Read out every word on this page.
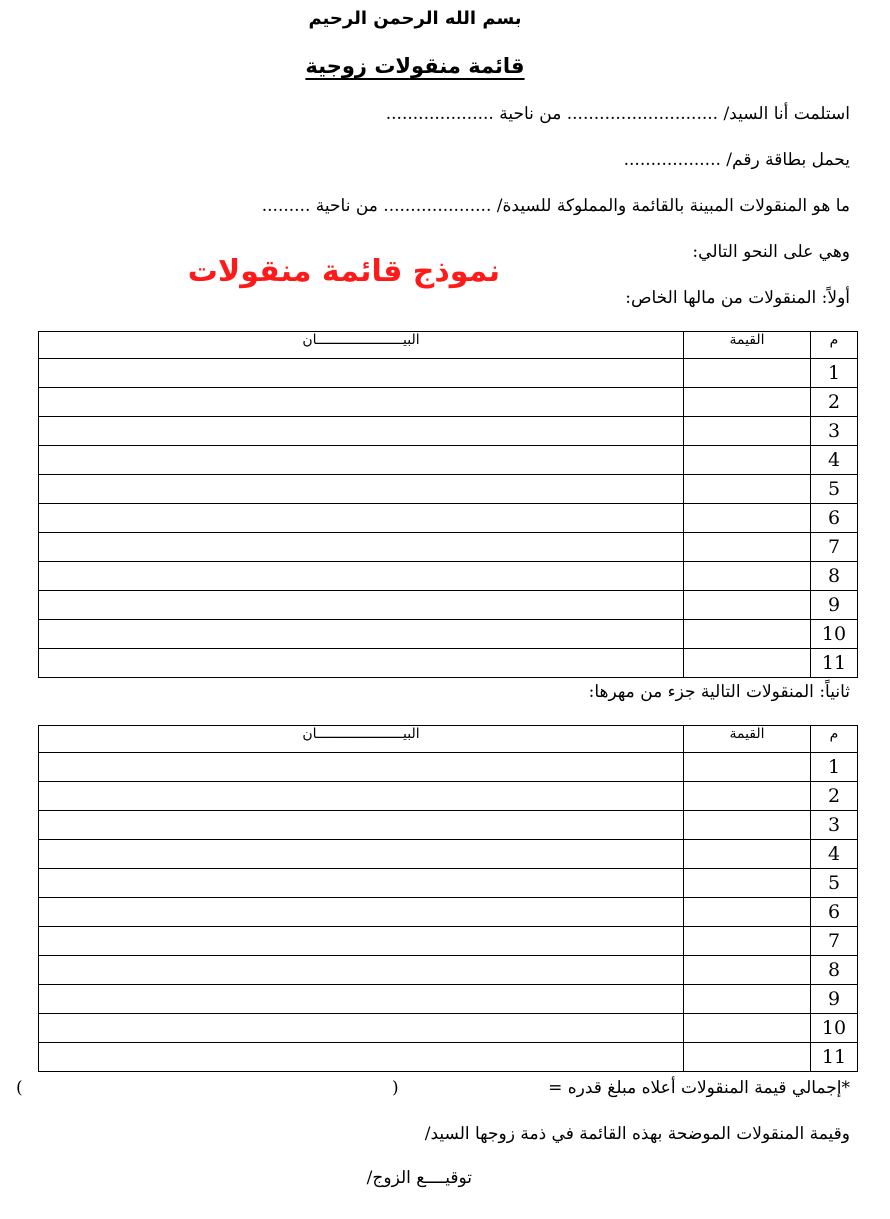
بسم الله الرحمن الرحيم
قائمة منقولات زوجية
استلمت أنا السيد/ ............................ من ناحية ....................
يحمل بطاقة رقم/ ..................
ما هو المنقولات المبينة بالقائمة والمملوكة للسيدة/ .................... من ناحية .........
وهي على النحو التالي:
نموذج قائمة منقولات
أولاً: المنقولات من مالها الخاص:
البيـــــــــــــــــــــان	القيمة	م
		1
		2
		3
		4
		5
		6
		7
		8
		9
		10
		11
ثانياً: المنقولات التالية جزء من مهرها:
البيـــــــــــــــــــــان	القيمة	م
		1
		2
		3
		4
		5
		6
		7
		8
		9
		10
		11
*إجمالي قيمة المنقولات أعلاه مبلغ قدره =
(
)
وقيمة المنقولات الموضحة بهذه القائمة في ذمة زوجها السيد/
توقيــــع الزوج/
